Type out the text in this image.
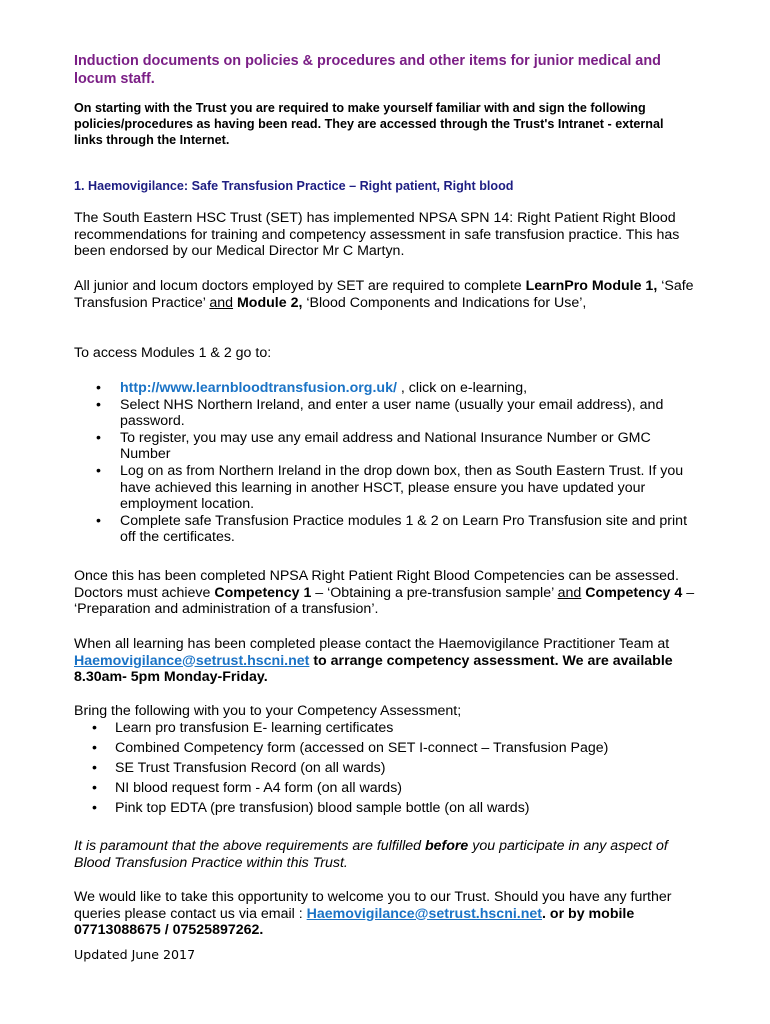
Induction documents on policies & procedures and other items for junior medical and locum staff.
On starting with the Trust you are required to make yourself familiar with and sign the following policies/procedures as having been read. They are accessed through the Trust's Intranet - external links through the Internet.
1. Haemovigilance: Safe Transfusion Practice – Right patient, Right blood
The South Eastern HSC Trust (SET) has implemented NPSA SPN 14: Right Patient Right Blood recommendations for training and competency assessment in safe transfusion practice. This has been endorsed by our Medical Director Mr C Martyn.
All junior and locum doctors employed by SET are required to complete LearnPro Module 1, ‘Safe Transfusion Practice’ and Module 2, ‘Blood Components and Indications for Use’,
To access Modules 1 & 2 go to:
• http://www.learnbloodtransfusion.org.uk/ , click on e-learning,
• Select NHS Northern Ireland, and enter a user name (usually your email address), and password.
• To register, you may use any email address and National Insurance Number or GMC Number
• Log on as from Northern Ireland in the drop down box, then as South Eastern Trust. If you have achieved this learning in another HSCT, please ensure you have updated your employment location.
• Complete safe Transfusion Practice modules 1 & 2 on Learn Pro Transfusion site and print off the certificates.
Once this has been completed NPSA Right Patient Right Blood Competencies can be assessed. Doctors must achieve Competency 1 – ‘Obtaining a pre-transfusion sample’ and Competency 4 – ‘Preparation and administration of a transfusion’.
When all learning has been completed please contact the Haemovigilance Practitioner Team at Haemovigilance@setrust.hscni.net to arrange competency assessment. We are available 8.30am- 5pm Monday-Friday.
Bring the following with you to your Competency Assessment;
• Learn pro transfusion E- learning certificates
• Combined Competency form (accessed on SET I-connect – Transfusion Page)
• SE Trust Transfusion Record (on all wards)
• NI blood request form - A4 form (on all wards)
• Pink top EDTA (pre transfusion) blood sample bottle (on all wards)
It is paramount that the above requirements are fulfilled before you participate in any aspect of Blood Transfusion Practice within this Trust.
We would like to take this opportunity to welcome you to our Trust. Should you have any further queries please contact us via email : Haemovigilance@setrust.hscni.net. or by mobile 07713088675 / 07525897262.
Updated June 2017
